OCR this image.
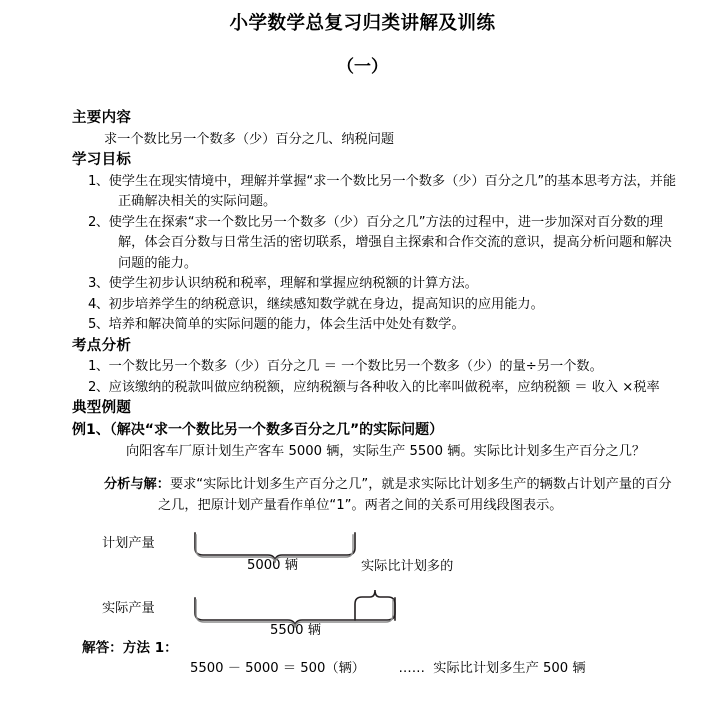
小学数学总复习归类讲解及训练
（一）

主要内容

求一个数比另一个数多（少）百分之几、纳税问题

学习目标

1、使学生在现实情境中，理解并掌握“求一个数比另一个数多（少）百分之几”的基本思考方法，并能正确解决相关的实际问题。
2、使学生在探索“求一个数比另一个数多（少）百分之几”方法的过程中，进一步加深对百分数的理解，体会百分数与日常生活的密切联系，增强自主探索和合作交流的意识，提高分析问题和解决问题的能力。
3、使学生初步认识纳税和税率，理解和掌握应纳税额的计算方法。
4、初步培养学生的纳税意识，继续感知数学就在身边，提高知识的应用能力。
5、培养和解决简单的实际问题的能力，体会生活中处处有数学。

考点分析

1、一个数比另一个数多（少）百分之几 ＝ 一个数比另一个数多（少）的量÷另一个数。
2、应该缴纳的税款叫做应纳税额，应纳税额与各种收入的比率叫做税率，应纳税额 ＝ 收入 ×税率

典型例题

例1、（解决“求一个数比另一个数多百分之几”的实际问题）

向阳客车厂原计划生产客车 5000 辆，实际生产 5500 辆。实际比计划多生产百分之几？

分析与解：要求“实际比计划多生产百分之几”，就是求实际比计划多生产的辆数占计划产量的百分之几，把原计划产量看作单位“1”。两者之间的关系可用线段图表示。

计划产量
实际产量
实际比计划多的
5000 辆
5500 辆

解答：方法 1：

5500 － 5000 ＝ 500（辆）        ……  实际比计划多生产 500 辆
